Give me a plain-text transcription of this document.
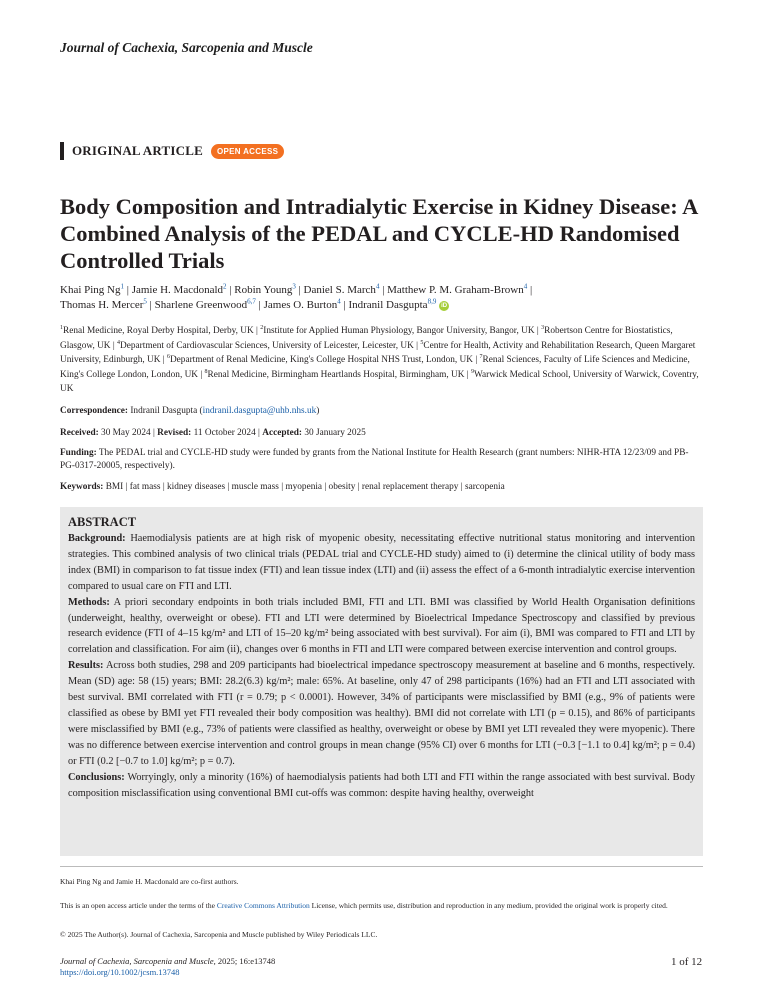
Journal of Cachexia, Sarcopenia and Muscle
ORIGINAL ARTICLE	OPEN ACCESS
Body Composition and Intradialytic Exercise in Kidney Disease: A Combined Analysis of the PEDAL and CYCLE-HD Randomised Controlled Trials
Khai Ping Ng$^1$ | Jamie H. Macdonald$^2$ | Robin Young$^3$ | Daniel S. March$^4$ | Matthew P. M. Graham-Brown$^4$ |
Thomas H. Mercer$^5$ | Sharlene Greenwood$^{6,7}$ | James O. Burton$^4$ | Indranil Dasgupta$^{8,9}$ iD
$^1$Renal Medicine, Royal Derby Hospital, Derby, UK | $^2$Institute for Applied Human Physiology, Bangor University, Bangor, UK | $^3$Robertson Centre for Biostatistics, Glasgow, UK | $^4$Department of Cardiovascular Sciences, University of Leicester, Leicester, UK | $^5$Centre for Health, Activity and Rehabilitation Research, Queen Margaret University, Edinburgh, UK | $^6$Department of Renal Medicine, King's College Hospital NHS Trust, London, UK | $^7$Renal Sciences, Faculty of Life Sciences and Medicine, King's College London, London, UK | $^8$Renal Medicine, Birmingham Heartlands Hospital, Birmingham, UK | $^9$Warwick Medical School, University of Warwick, Coventry, UK
Correspondence: Indranil Dasgupta (indranil.dasgupta@uhb.nhs.uk)
Received: 30 May 2024 | Revised: 11 October 2024 | Accepted: 30 January 2025
Funding: The PEDAL trial and CYCLE-HD study were funded by grants from the National Institute for Health Research (grant numbers: NIHR-HTA 12/23/09 and PB-PG-0317-20005, respectively).
Keywords: BMI | fat mass | kidney diseases | muscle mass | myopenia | obesity | renal replacement therapy | sarcopenia
ABSTRACT

Background: Haemodialysis patients are at high risk of myopenic obesity, necessitating effective nutritional status monitoring and intervention strategies. This combined analysis of two clinical trials (PEDAL trial and CYCLE-HD study) aimed to (i) determine the clinical utility of body mass index (BMI) in comparison to fat tissue index (FTI) and lean tissue index (LTI) and (ii) assess the effect of a 6-month intradialytic exercise intervention compared to usual care on FTI and LTI.

Methods: A priori secondary endpoints in both trials included BMI, FTI and LTI. BMI was classified by World Health Organisation definitions (underweight, healthy, overweight or obese). FTI and LTI were determined by Bioelectrical Impedance Spectroscopy and classified by previous research evidence (FTI of 4–15 kg/m² and LTI of 15–20 kg/m² being associated with best survival). For aim (i), BMI was compared to FTI and LTI by correlation and classification. For aim (ii), changes over 6 months in FTI and LTI were compared between exercise intervention and control groups.

Results: Across both studies, 298 and 209 participants had bioelectrical impedance spectroscopy measurement at baseline and 6 months, respectively. Mean (SD) age: 58 (15) years; BMI: 28.2(6.3) kg/m²; male: 65%. At baseline, only 47 of 298 participants (16%) had an FTI and LTI associated with best survival. BMI correlated with FTI (r = 0.79; p < 0.0001). However, 34% of participants were misclassified by BMI (e.g., 9% of patients were classified as obese by BMI yet FTI revealed their body composition was healthy). BMI did not correlate with LTI (p = 0.15), and 86% of participants were misclassified by BMI (e.g., 73% of patients were classified as healthy, overweight or obese by BMI yet LTI revealed they were myopenic). There was no difference between exercise intervention and control groups in mean change (95% CI) over 6 months for LTI (−0.3 [−1.1 to 0.4] kg/m²; p = 0.4) or FTI (0.2 [−0.7 to 1.0] kg/m²; p = 0.7).

Conclusions: Worryingly, only a minority (16%) of haemodialysis patients had both LTI and FTI within the range associated with best survival. Body composition misclassification using conventional BMI cut-offs was common: despite having healthy, overweight

Khai Ping Ng and Jamie H. Macdonald are co-first authors.
This is an open access article under the terms of the Creative Commons Attribution License, which permits use, distribution and reproduction in any medium, provided the original work is properly cited.
© 2025 The Author(s). Journal of Cachexia, Sarcopenia and Muscle published by Wiley Periodicals LLC.
Journal of Cachexia, Sarcopenia and Muscle, 2025; 16:e13748
https://doi.org/10.1002/jcsm.13748
1 of 12
